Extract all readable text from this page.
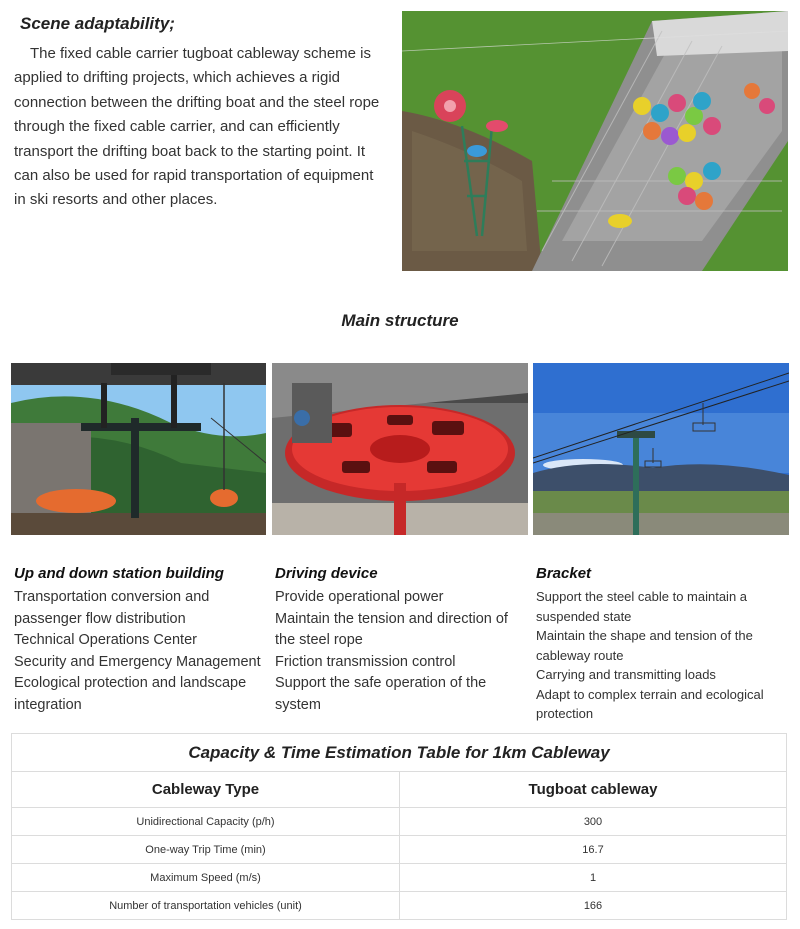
Scene adaptability;

The fixed cable carrier tugboat cableway scheme is applied to drifting projects, which achieves a rigid connection between the drifting boat and the steel rope through the fixed cable carrier, and can efficiently transport the drifting boat back to the starting point. It can also be used for rapid transportation of equipment in ski resorts and other places.

Main structure
Up and down station building

Transportation conversion and passenger flow distribution

Technical Operations Center

Security and Emergency Management

Ecological protection and landscape integration

Driving device

Provide operational power

Maintain the tension and direction of the steel rope

Friction transmission control

Support the safe operation of the system

Bracket

Support the steel cable to maintain a suspended state

Maintain the shape and tension of the cableway route

Carrying and transmitting loads

Adapt to complex terrain and ecological protection

Capacity & Time Estimation Table for 1km Cableway	
Cableway Type	Tugboat cableway
Unidirectional Capacity (p/h)	300
One-way Trip Time (min)	16.7
Maximum Speed (m/s)	1
Number of transportation vehicles (unit)	166
